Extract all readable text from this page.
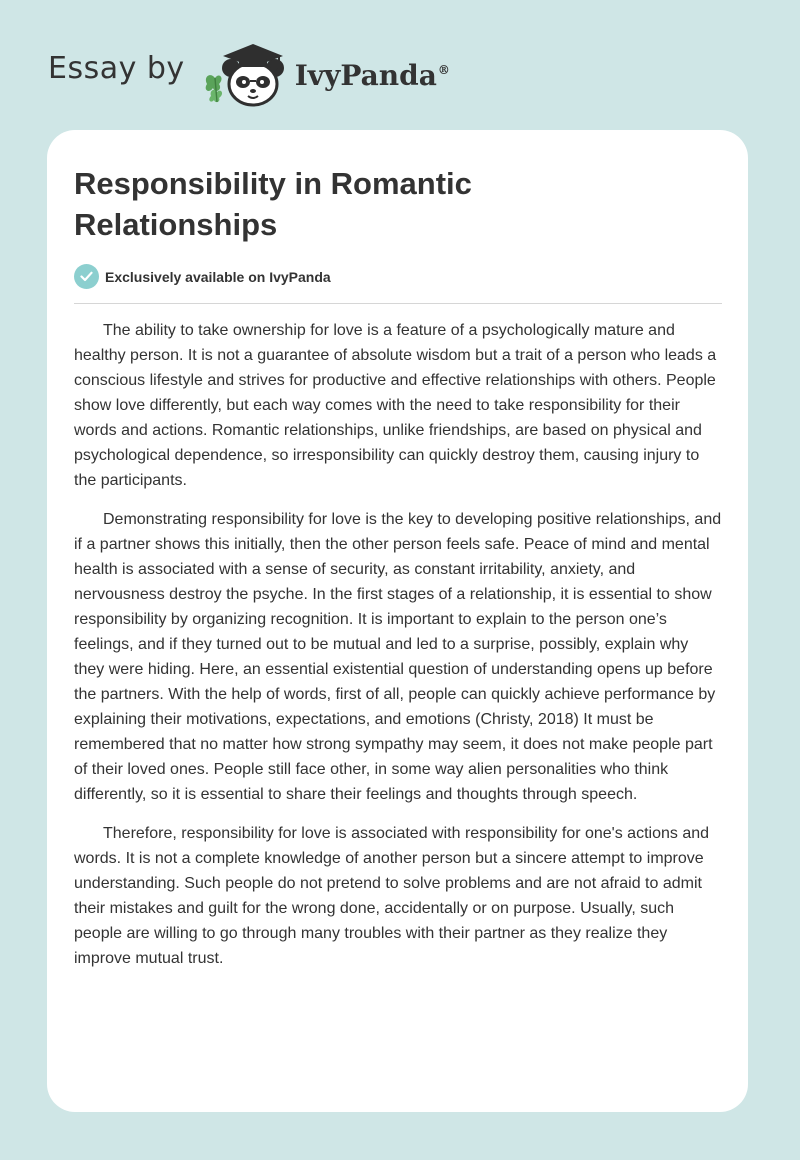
Essay by	IvyPanda®
Responsibility in Romantic Relationships
Exclusively available on IvyPanda

The ability to take ownership for love is a feature of a psychologically mature and healthy person. It is not a guarantee of absolute wisdom but a trait of a person who leads a conscious lifestyle and strives for productive and effective relationships with others. People show love differently, but each way comes with the need to take responsibility for their words and actions. Romantic relationships, unlike friendships, are based on physical and psychological dependence, so irresponsibility can quickly destroy them, causing injury to the participants.

Demonstrating responsibility for love is the key to developing positive relationships, and if a partner shows this initially, then the other person feels safe. Peace of mind and mental health is associated with a sense of security, as constant irritability, anxiety, and nervousness destroy the psyche. In the first stages of a relationship, it is essential to show responsibility by organizing recognition. It is important to explain to the person one’s feelings, and if they turned out to be mutual and led to a surprise, possibly, explain why they were hiding. Here, an essential existential question of understanding opens up before the partners. With the help of words, first of all, people can quickly achieve performance by explaining their motivations, expectations, and emotions (Christy, 2018) It must be remembered that no matter how strong sympathy may seem, it does not make people part of their loved ones. People still face other, in some way alien personalities who think differently, so it is essential to share their feelings and thoughts through speech.

Therefore, responsibility for love is associated with responsibility for one's actions and words. It is not a complete knowledge of another person but a sincere attempt to improve understanding. Such people do not pretend to solve problems and are not afraid to admit their mistakes and guilt for the wrong done, accidentally or on purpose. Usually, such people are willing to go through many troubles with their partner as they realize they improve mutual trust.
